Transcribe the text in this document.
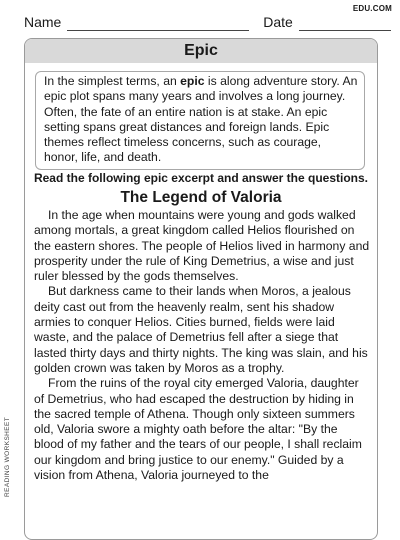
EDU.COM
Name	Date
Epic
In the simplest terms, an epic is along adventure story. An epic plot spans many years and involves a long journey. Often, the fate of an entire nation is at stake. An epic setting spans great distances and foreign lands. Epic themes reflect timeless concerns, such as courage, honor, life, and death.
Read the following epic excerpt and answer the questions.
The Legend of Valoria

In the age when mountains were young and gods walked among mortals, a great kingdom called Helios flourished on the eastern shores. The people of Helios lived in harmony and prosperity under the rule of King Demetrius, a wise and just ruler blessed by the gods themselves.

But darkness came to their lands when Moros, a jealous deity cast out from the heavenly realm, sent his shadow armies to conquer Helios. Cities burned, fields were laid waste, and the palace of Demetrius fell after a siege that lasted thirty days and thirty nights. The king was slain, and his golden crown was taken by Moros as a trophy.

From the ruins of the royal city emerged Valoria, daughter of Demetrius, who had escaped the destruction by hiding in the sacred temple of Athena. Though only sixteen summers old, Valoria swore a mighty oath before the altar: "By the blood of my father and the tears of our people, I shall reclaim our kingdom and bring justice to our enemy." Guided by a vision from Athena, Valoria journeyed to the

READING WORKSHEET
